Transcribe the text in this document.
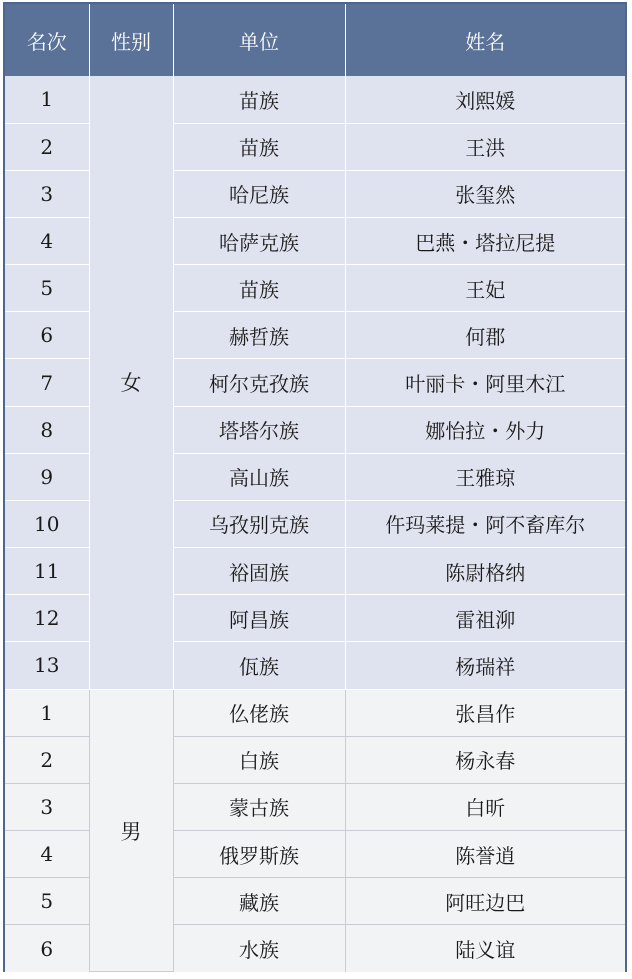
名次	性别	单位	姓名
1	女	苗族	刘熙媛
2		苗族	王洪
3		哈尼族	张玺然
4		哈萨克族	巴燕・塔拉尼提
5		苗族	王妃
6		赫哲族	何郡
7		柯尔克孜族	叶丽卡・阿里木江
8		塔塔尔族	娜怡拉・外力
9		高山族	王雅琼
10		乌孜别克族	仵玛莱提・阿不畜库尔
11		裕固族	陈尉格纳
12		阿昌族	雷祖泖
13		佤族	杨瑞祥
1	男	仫佬族	张昌作
2		白族	杨永春
3		蒙古族	白昕
4		俄罗斯族	陈誉逍
5		藏族	阿旺边巴
6		水族	陆义谊
